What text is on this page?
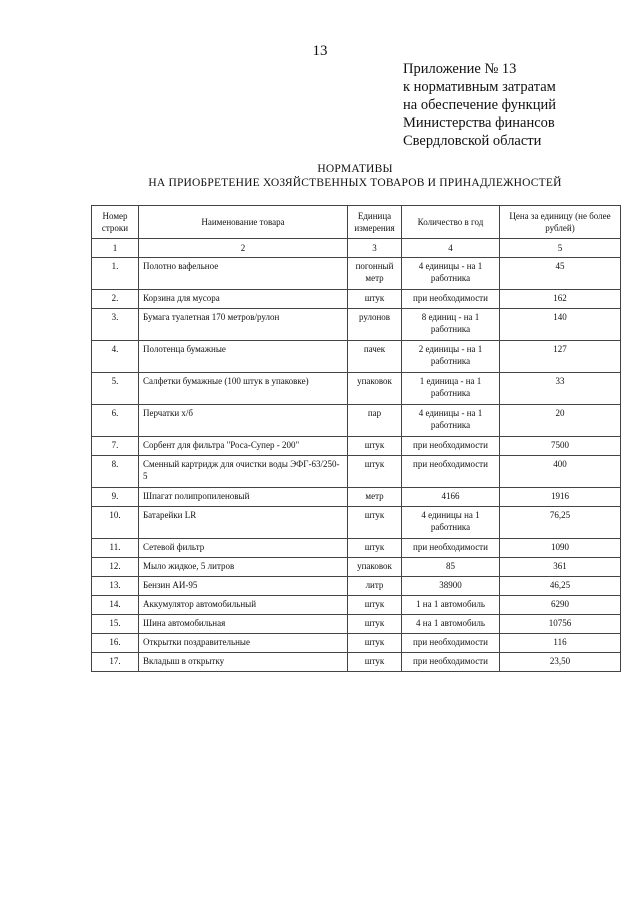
13
Приложение № 13
к нормативным затратам
на обеспечение функций
Министерства финансов
Свердловской области
НОРМАТИВЫ
НА ПРИОБРЕТЕНИЕ ХОЗЯЙСТВЕННЫХ ТОВАРОВ И ПРИНАДЛЕЖНОСТЕЙ
Номер строки	Наименование товара	Единица измерения	Количество в год	Цена за единицу (не более рублей)
1	2	3	4	5
1.	Полотно вафельное	погонный метр	4 единицы - на 1 работника	45
2.	Корзина для мусора	штук	при необходимости	162
3.	Бумага туалетная 170 метров/рулон	рулонов	8 единиц - на 1 работника	140
4.	Полотенца бумажные	пачек	2 единицы - на 1 работника	127
5.	Салфетки бумажные (100 штук в упаковке)	упаковок	1 единица - на 1 работника	33
6.	Перчатки х/б	пар	4 единицы - на 1 работника	20
7.	Сорбент для фильтра "Роса-Супер - 200"	штук	при необходимости	7500
8.	Сменный картридж для очистки воды ЭФГ-63/250-5	штук	при необходимости	400
9.	Шпагат полипропиленовый	метр	4166	1916
10.	Батарейки LR	штук	4 единицы на 1 работника	76,25
11.	Сетевой фильтр	штук	при необходимости	1090
12.	Мыло жидкое, 5 литров	упаковок	85	361
13.	Бензин АИ-95	литр	38900	46,25
14.	Аккумулятор автомобильный	штук	1 на 1 автомобиль	6290
15.	Шина автомобильная	штук	4 на 1 автомобиль	10756
16.	Открытки поздравительные	штук	при необходимости	116
17.	Вкладыш в открытку	штук	при необходимости	23,50
